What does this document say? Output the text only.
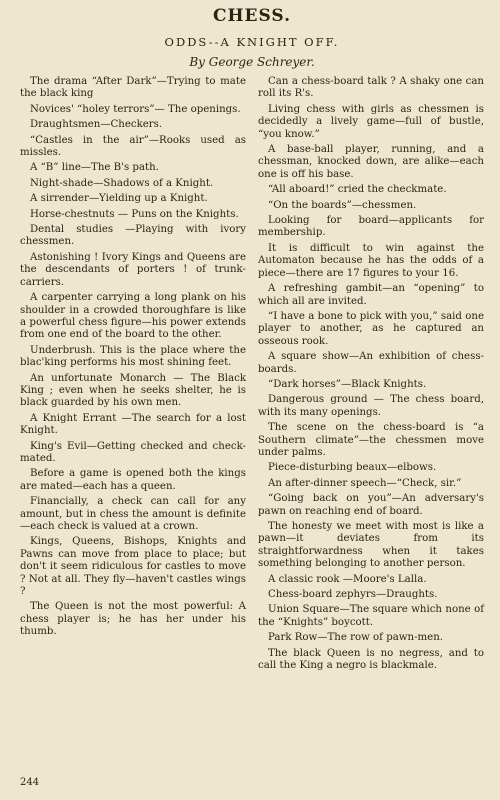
CHESS.
ODDS--A KNIGHT OFF.
By George Schreyer.

The drama “After Dark”—Trying to mate the black king

Novices' “holey terrors”— The openings.

Draughtsmen—Checkers.

“Castles in the air”—Rooks used as missles.

A “B” line—The B's path.

Night-shade—Shadows of a Knight.

A sirrender—Yielding up a Knight.

Horse-chestnuts — Puns on the Knights.

Dental studies —Playing with ivory chessmen.

Astonishing ! Ivory Kings and Queens are the descendants of porters ! of trunk-carriers.

A carpenter carrying a long plank on his shoulder in a crowded thoroughfare is like a powerful chess figure—his power extends from one end of the board to the other.

Underbrush. This is the place where the blac'king performs his most shining feet.

An unfortunate Monarch — The Black King ; even when he seeks shelter, he is black guarded by his own men.

A Knight Errant —The search for a lost Knight.

King's Evil—Getting checked and check-mated.

Before a game is opened both the kings are mated—each has a queen.

Financially, a check can call for any amount, but in chess the amount is definite—each check is valued at a crown.

Kings, Queens, Bishops, Knights and Pawns can move from place to place; but don't it seem ridiculous for castles to move ? Not at all. They fly—haven't castles wings ?

The Queen is not the most powerful: A chess player is; he has her under his thumb.

Can a chess-board talk ? A shaky one can roll its R's.

Living chess with girls as chessmen is decidedly a lively game—full of bustle, “you know.”

A base-ball player, running, and a chessman, knocked down, are alike—each one is off his base.

“All aboard!” cried the checkmate.

“On the boards”—chessmen.

Looking for board—applicants for membership.

It is difficult to win against the Automaton because he has the odds of a piece—there are 17 figures to your 16.

A refreshing gambit—an “opening” to which all are invited.

“I have a bone to pick with you,” said one player to another, as he captured an osseous rook.

A square show—An exhibition of chess-boards.

“Dark horses”—Black Knights.

Dangerous ground — The chess board, with its many openings.

The scene on the chess-board is “a Southern climate”—the chessmen move under palms.

Piece-disturbing beaux—elbows.

An after-dinner speech—“Check, sir.”

“Going back on you”—An adversary's pawn on reaching end of board.

The honesty we meet with most is like a pawn—it deviates from its straightforwardness when it takes something belonging to another person.

A classic rook —Moore's Lalla.

Chess-board zephyrs—Draughts.

Union Square—The square which none of the “Knights” boycott.

Park Row—The row of pawn-men.

The black Queen is no negress, and to call the King a negro is blackmale.

244
